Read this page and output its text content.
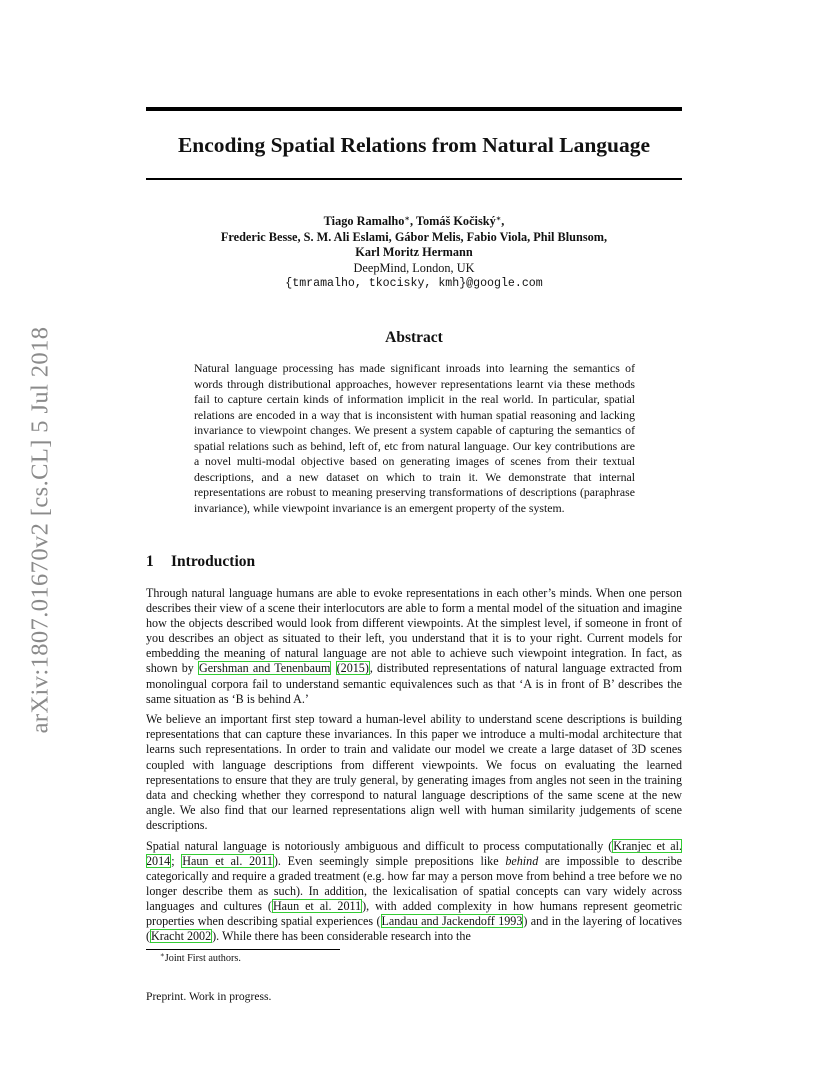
arXiv:1807.01670v2 [cs.CL] 5 Jul 2018
Encoding Spatial Relations from Natural Language
Tiago Ramalho∗, Tomáš Kočiský∗,
Frederic Besse, S. M. Ali Eslami, Gábor Melis, Fabio Viola, Phil Blunsom,
Karl Moritz Hermann
DeepMind, London, UK
{tmramalho, tkocisky, kmh}@google.com
Abstract

Natural language processing has made significant inroads into learning the semantics of words through distributional approaches, however representations learnt via these methods fail to capture certain kinds of information implicit in the real world. In particular, spatial relations are encoded in a way that is inconsistent with human spatial reasoning and lacking invariance to viewpoint changes. We present a system capable of capturing the semantics of spatial relations such as behind, left of, etc from natural language. Our key contributions are a novel multi-modal objective based on generating images of scenes from their textual descriptions, and a new dataset on which to train it. We demonstrate that internal representations are robust to meaning preserving transformations of descriptions (paraphrase invariance), while viewpoint invariance is an emergent property of the system.

1 Introduction

Through natural language humans are able to evoke representations in each other’s minds. When one person describes their view of a scene their interlocutors are able to form a mental model of the situation and imagine how the objects described would look from different viewpoints. At the simplest level, if someone in front of you describes an object as situated to their left, you understand that it is to your right. Current models for embedding the meaning of natural language are not able to achieve such viewpoint integration. In fact, as shown by Gershman and Tenenbaum (2015), distributed representations of natural language extracted from monolingual corpora fail to understand semantic equivalences such as that ‘A is in front of B’ describes the same situation as ‘B is behind A.’

We believe an important first step toward a human-level ability to understand scene descriptions is building representations that can capture these invariances. In this paper we introduce a multi-modal architecture that learns such representations. In order to train and validate our model we create a large dataset of 3D scenes coupled with language descriptions from different viewpoints. We focus on evaluating the learned representations to ensure that they are truly general, by generating images from angles not seen in the training data and checking whether they correspond to natural language descriptions of the same scene at the new angle. We also find that our learned representations align well with human similarity judgements of scene descriptions.

Spatial natural language is notoriously ambiguous and difficult to process computationally (Kranjec et al. 2014; Haun et al. 2011). Even seemingly simple prepositions like behind are impossible to describe categorically and require a graded treatment (e.g. how far may a person move from behind a tree before we no longer describe them as such). In addition, the lexicalisation of spatial concepts can vary widely across languages and cultures (Haun et al. 2011), with added complexity in how humans represent geometric properties when describing spatial experiences (Landau and Jackendoff 1993) and in the layering of locatives (Kracht 2002). While there has been considerable research into the

∗Joint First authors.
Preprint. Work in progress.
